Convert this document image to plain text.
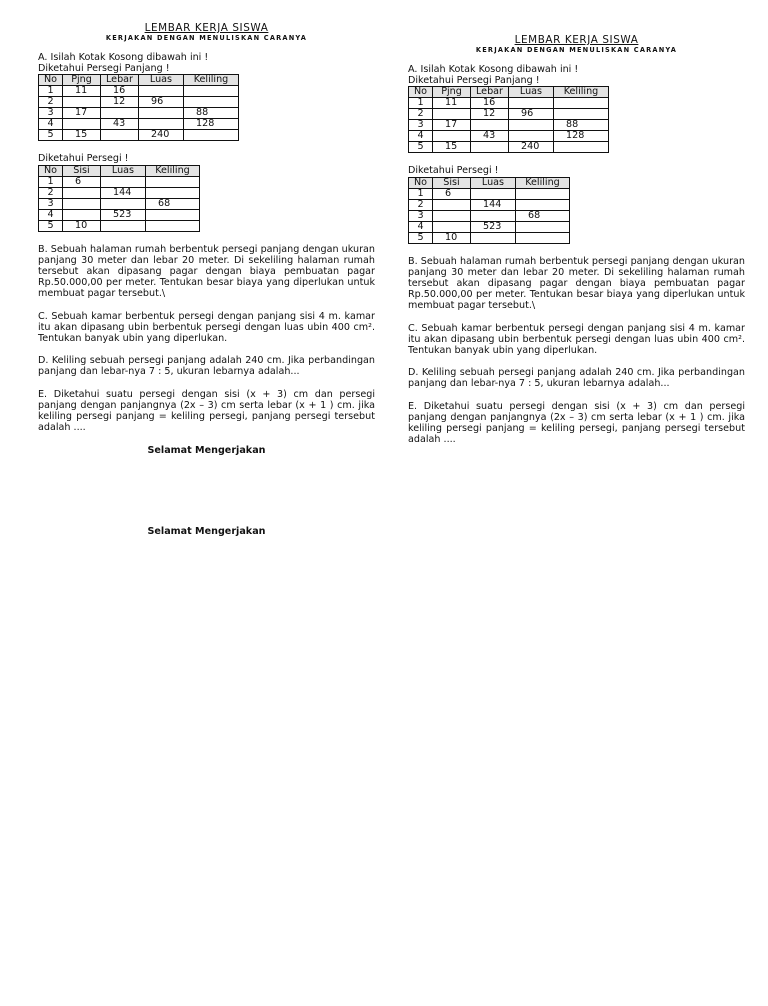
LEMBAR KERJA SISWA
KERJAKAN DENGAN MENULISKAN CARANYA
A. Isilah Kotak Kosong dibawah ini !
Diketahui Persegi Panjang !
No	Pjng	Lebar	Luas	Keliling
1	11	16		
2		12	96	
3	17			88
4		43		128
5	15		240	
Diketahui Persegi !
No	Sisi	Luas	Keliling
1	6		
2		144	
3			68
4		523	
5	10		

B. Sebuah halaman rumah berbentuk persegi panjang dengan ukuran panjang 30 meter dan lebar 20 meter. Di sekeliling halaman rumah tersebut akan dipasang pagar dengan biaya pembuatan pagar Rp.50.000,00 per meter. Tentukan besar biaya yang diperlukan untuk membuat pagar tersebut.\

C. Sebuah kamar berbentuk persegi dengan panjang sisi 4 m. kamar itu akan dipasang ubin berbentuk persegi dengan luas ubin 400 cm². Tentukan banyak ubin yang diperlukan.

D. Keliling sebuah persegi panjang adalah 240 cm. Jika perbandingan panjang dan lebar-nya 7 : 5, ukuran lebarnya adalah...

E. Diketahui suatu persegi dengan sisi (x + 3) cm dan persegi panjang dengan panjangnya (2x – 3) cm serta lebar (x + 1 ) cm. jika keliling persegi panjang = keliling persegi, panjang persegi tersebut adalah ....

Selamat Mengerjakan
Selamat Mengerjakan
LEMBAR KERJA SISWA
KERJAKAN DENGAN MENULISKAN CARANYA
A. Isilah Kotak Kosong dibawah ini !
Diketahui Persegi Panjang !
No	Pjng	Lebar	Luas	Keliling
1	11	16		
2		12	96	
3	17			88
4		43		128
5	15		240	
Diketahui Persegi !
No	Sisi	Luas	Keliling
1	6		
2		144	
3			68
4		523	
5	10		

B. Sebuah halaman rumah berbentuk persegi panjang dengan ukuran panjang 30 meter dan lebar 20 meter. Di sekeliling halaman rumah tersebut akan dipasang pagar dengan biaya pembuatan pagar Rp.50.000,00 per meter. Tentukan besar biaya yang diperlukan untuk membuat pagar tersebut.\

C. Sebuah kamar berbentuk persegi dengan panjang sisi 4 m. kamar itu akan dipasang ubin berbentuk persegi dengan luas ubin 400 cm². Tentukan banyak ubin yang diperlukan.

D. Keliling sebuah persegi panjang adalah 240 cm. Jika perbandingan panjang dan lebar-nya 7 : 5, ukuran lebarnya adalah...

E. Diketahui suatu persegi dengan sisi (x + 3) cm dan persegi panjang dengan panjangnya (2x – 3) cm serta lebar (x + 1 ) cm. jika keliling persegi panjang = keliling persegi, panjang persegi tersebut adalah ....
